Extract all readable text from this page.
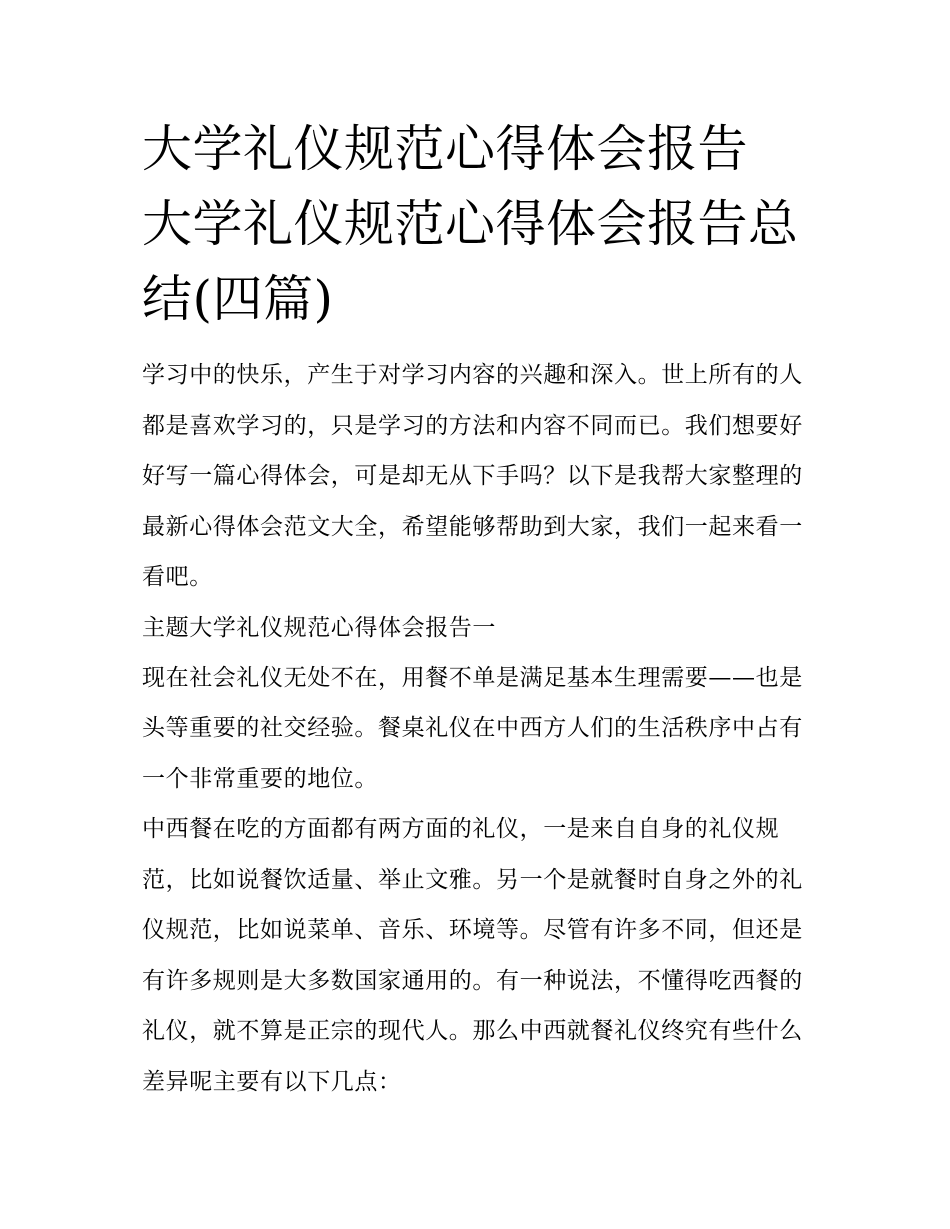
大学礼仪规范心得体会报告 大学礼仪规范心得体会报告总结(四篇)

学习中的快乐，产生于对学习内容的兴趣和深入。世上所有的人都是喜欢学习的，只是学习的方法和内容不同而已。我们想要好好写一篇心得体会，可是却无从下手吗？以下是我帮大家整理的最新心得体会范文大全，希望能够帮助到大家，我们一起来看一看吧。

主题大学礼仪规范心得体会报告一

现在社会礼仪无处不在，用餐不单是满足基本生理需要——也是头等重要的社交经验。餐桌礼仪在中西方人们的生活秩序中占有一个非常重要的地位。

中西餐在吃的方面都有两方面的礼仪，一是来自自身的礼仪规范，比如说餐饮适量、举止文雅。另一个是就餐时自身之外的礼仪规范，比如说菜单、音乐、环境等。尽管有许多不同，但还是有许多规则是大多数国家通用的。有一种说法，不懂得吃西餐的礼仪，就不算是正宗的现代人。那么中西就餐礼仪终究有些什么差异呢主要有以下几点：
